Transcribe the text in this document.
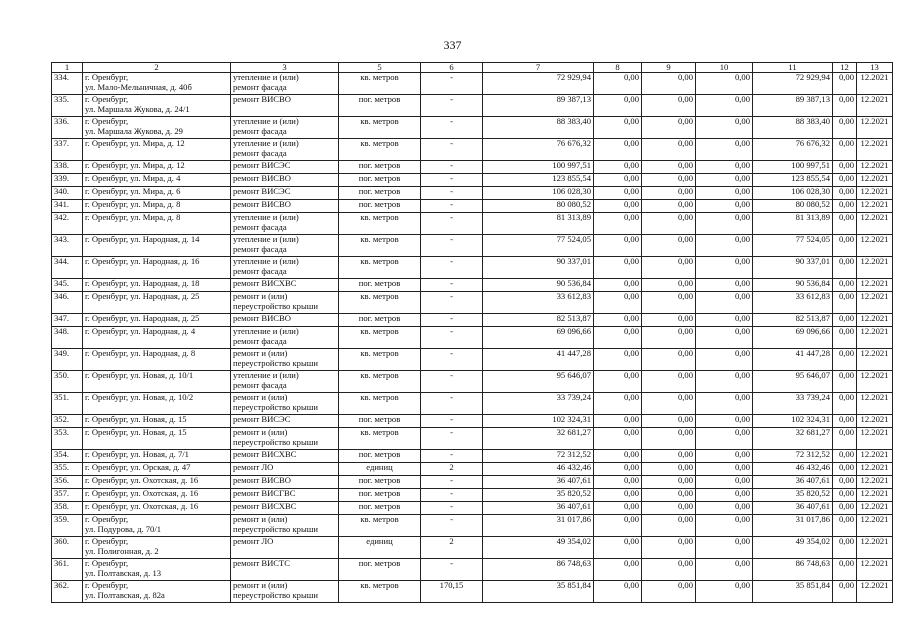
337
1	2	3	5	6	7	8	9	10	11	12	13	
334.	г. Оренбург,
ул. Мало-Мельничная, д. 40б	утепление и (или)
ремонт фасада	кв. метров	-	72 929,94	0,00	0,00	0,00	72 929,94	0,00	12.2021	
335.	г. Оренбург,
ул. Маршала Жукова, д. 24/1	ремонт ВИСВО	пог. метров	-	89 387,13	0,00	0,00	0,00	89 387,13	0,00	12.2021	
336.	г. Оренбург,
ул. Маршала Жукова, д. 29	утепление и (или)
ремонт фасада	кв. метров	-	88 383,40	0,00	0,00	0,00	88 383,40	0,00	12.2021	
337.	г. Оренбург, ул. Мира, д. 12	утепление и (или)
ремонт фасада	кв. метров	-	76 676,32	0,00	0,00	0,00	76 676,32	0,00	12.2021	
338.	г. Оренбург, ул. Мира, д. 12	ремонт ВИСЭС	пог. метров	-	100 997,51	0,00	0,00	0,00	100 997,51	0,00	12.2021	
339.	г. Оренбург, ул. Мира, д. 4	ремонт ВИСВО	пог. метров	-	123 855,54	0,00	0,00	0,00	123 855,54	0,00	12.2021	
340.	г. Оренбург, ул. Мира, д. 6	ремонт ВИСЭС	пог. метров	-	106 028,30	0,00	0,00	0,00	106 028,30	0,00	12.2021	
341.	г. Оренбург, ул. Мира, д. 8	ремонт ВИСВО	пог. метров	-	80 080,52	0,00	0,00	0,00	80 080,52	0,00	12.2021	
342.	г. Оренбург, ул. Мира, д. 8	утепление и (или)
ремонт фасада	кв. метров	-	81 313,89	0,00	0,00	0,00	81 313,89	0,00	12.2021	
343.	г. Оренбург, ул. Народная, д. 14	утепление и (или)
ремонт фасада	кв. метров	-	77 524,05	0,00	0,00	0,00	77 524,05	0,00	12.2021	
344.	г. Оренбург, ул. Народная, д. 16	утепление и (или)
ремонт фасада	кв. метров	-	90 337,01	0,00	0,00	0,00	90 337,01	0,00	12.2021	
345.	г. Оренбург, ул. Народная, д. 18	ремонт ВИСХВС	пог. метров	-	90 536,84	0,00	0,00	0,00	90 536,84	0,00	12.2021	
346.	г. Оренбург, ул. Народная, д. 25	ремонт и (или)
переустройство крыши	кв. метров	-	33 612,83	0,00	0,00	0,00	33 612,83	0,00	12.2021	
347.	г. Оренбург, ул. Народная, д. 25	ремонт ВИСВО	пог. метров	-	82 513,87	0,00	0,00	0,00	82 513,87	0,00	12.2021	
348.	г. Оренбург, ул. Народная, д. 4	утепление и (или)
ремонт фасада	кв. метров	-	69 096,66	0,00	0,00	0,00	69 096,66	0,00	12.2021	
349.	г. Оренбург, ул. Народная, д. 8	ремонт и (или)
переустройство крыши	кв. метров	-	41 447,28	0,00	0,00	0,00	41 447,28	0,00	12.2021	
350.	г. Оренбург, ул. Новая, д. 10/1	утепление и (или)
ремонт фасада	кв. метров	-	95 646,07	0,00	0,00	0,00	95 646,07	0,00	12.2021	
351.	г. Оренбург, ул. Новая, д. 10/2	ремонт и (или)
переустройство крыши	кв. метров	-	33 739,24	0,00	0,00	0,00	33 739,24	0,00	12.2021	
352.	г. Оренбург, ул. Новая, д. 15	ремонт ВИСЭС	пог. метров	-	102 324,31	0,00	0,00	0,00	102 324,31	0,00	12.2021	
353.	г. Оренбург, ул. Новая, д. 15	ремонт и (или)
переустройство крыши	кв. метров	-	32 681,27	0,00	0,00	0,00	32 681,27	0,00	12.2021	
354.	г. Оренбург, ул. Новая, д. 7/1	ремонт ВИСХВС	пог. метров	-	72 312,52	0,00	0,00	0,00	72 312,52	0,00	12.2021	
355.	г. Оренбург, ул. Орская, д. 47	ремонт ЛО	единиц	2	46 432,46	0,00	0,00	0,00	46 432,46	0,00	12.2021	
356.	г. Оренбург, ул. Охотская, д. 16	ремонт ВИСВО	пог. метров	-	36 407,61	0,00	0,00	0,00	36 407,61	0,00	12.2021	
357.	г. Оренбург, ул. Охотская, д. 16	ремонт ВИСГВС	пог. метров	-	35 820,52	0,00	0,00	0,00	35 820,52	0,00	12.2021	
358.	г. Оренбург, ул. Охотская, д. 16	ремонт ВИСХВС	пог. метров	-	36 407,61	0,00	0,00	0,00	36 407,61	0,00	12.2021	
359.	г. Оренбург,
ул. Подурова, д. 70/1	ремонт и (или)
переустройство крыши	кв. метров	-	31 017,86	0,00	0,00	0,00	31 017,86	0,00	12.2021	
360.	г. Оренбург,
ул. Полигонная, д. 2	ремонт ЛО	единиц	2	49 354,02	0,00	0,00	0,00	49 354,02	0,00	12.2021	
361.	г. Оренбург,
ул. Полтавская, д. 13	ремонт ВИСТС	пог. метров	-	86 748,63	0,00	0,00	0,00	86 748,63	0,00	12.2021	
362.	г. Оренбург,
ул. Полтавская, д. 82а	ремонт и (или)
переустройство крыши	кв. метров	170,15	35 851,84	0,00	0,00	0,00	35 851,84	0,00	12.2021	
